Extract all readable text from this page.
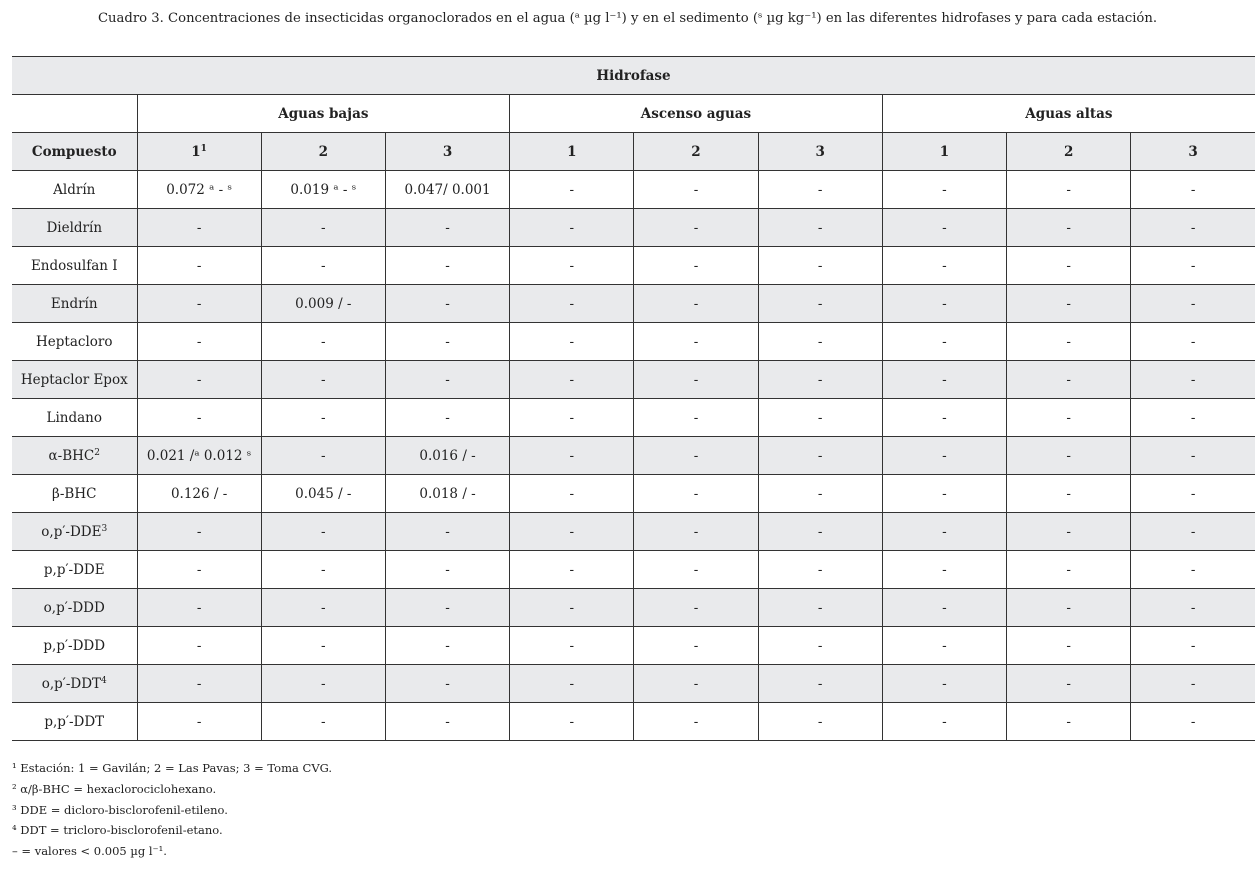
Cuadro 3. Concentraciones de insecticidas organoclorados en el agua (ᵃ µg l⁻¹) y en el sedimento (ˢ µg kg⁻¹) en las diferentes hidrofases y para cada estación.
Hidrofase									
	Aguas bajas			Ascenso aguas			Aguas altas		
Compuesto	$1^1$	2	3	1	2	3	1	2	3
Aldrín	0.072 ᵃ - ˢ	0.019 ᵃ - ˢ	0.047/ 0.001	-	-	-	-	-	-
Dieldrín	-	-	-	-	-	-	-	-	-
Endosulfan I	-	-	-	-	-	-	-	-	-
Endrín	-	0.009 / -	-	-	-	-	-	-	-
Heptacloro	-	-	-	-	-	-	-	-	-
Heptaclor Epox	-	-	-	-	-	-	-	-	-
Lindano	-	-	-	-	-	-	-	-	-
α-BHC$^2$	0.021 /ᵃ 0.012 ˢ	-	0.016 / -	-	-	-	-	-	-
β-BHC	0.126 / -	0.045 / -	0.018 / -	-	-	-	-	-	-
o,p′-DDE$^3$	-	-	-	-	-	-	-	-	-
p,p′-DDE	-	-	-	-	-	-	-	-	-
o,p′-DDD	-	-	-	-	-	-	-	-	-
p,p′-DDD	-	-	-	-	-	-	-	-	-
o,p′-DDT$^4$	-	-	-	-	-	-	-	-	-
p,p′-DDT	-	-	-	-	-	-	-	-	-
¹ Estación: 1 = Gavilán; 2 = Las Pavas; 3 = Toma CVG.
² α/β-BHC = hexaclorociclohexano.
³ DDE = dicloro-bisclorofenil-etileno.
⁴ DDT = tricloro-bisclorofenil-etano.
– = valores < 0.005 µg l⁻¹.
